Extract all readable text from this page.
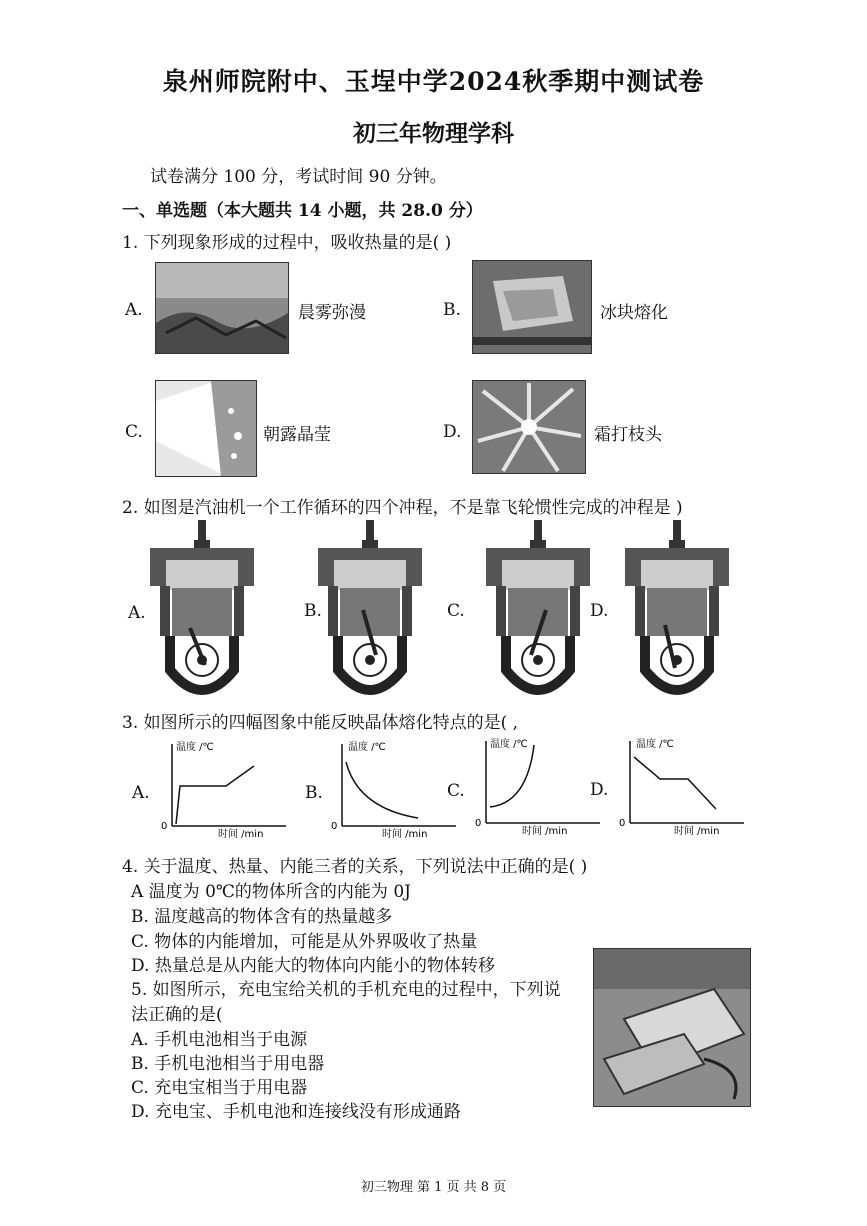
泉州师院附中、玉埕中学2024秋季期中测试卷
初三年物理学科
试卷满分 100 分，考试时间 90 分钟。
一、单选题（本大题共 14 小题，共 28.0 分）
1. 下列现象形成的过程中，吸收热量的是( )
A.	晨雾弥漫	B.	冰块熔化
C.	朝露晶莹	D.	霜打枝头
2. 如图是汽油机一个工作循环的四个冲程，不是靠飞轮惯性完成的冲程是 )
A.	B.	C.	D.
3. 如图所示的四幅图象中能反映晶体熔化特点的是( ,
A.	B.	C.	D.
温度 /℃
时间 /min
0
温度 /℃
时间 /min
0
温度 /℃
时间 /min
0
温度 /℃
时间 /min
0
4. 关于温度、热量、内能三者的关系，下列说法中正确的是( )
A 温度为 0℃的物体所含的内能为 0J
B. 温度越高的物体含有的热量越多
C. 物体的内能增加，可能是从外界吸收了热量
D. 热量总是从内能大的物体向内能小的物体转移
5. 如图所示，充电宝给关机的手机充电的过程中，下列说
法正确的是(
A. 手机电池相当于电源
B. 手机电池相当于用电器
C. 充电宝相当于用电器
D. 充电宝、手机电池和连接线没有形成通路
初三物理 第 1 页 共 8 页
